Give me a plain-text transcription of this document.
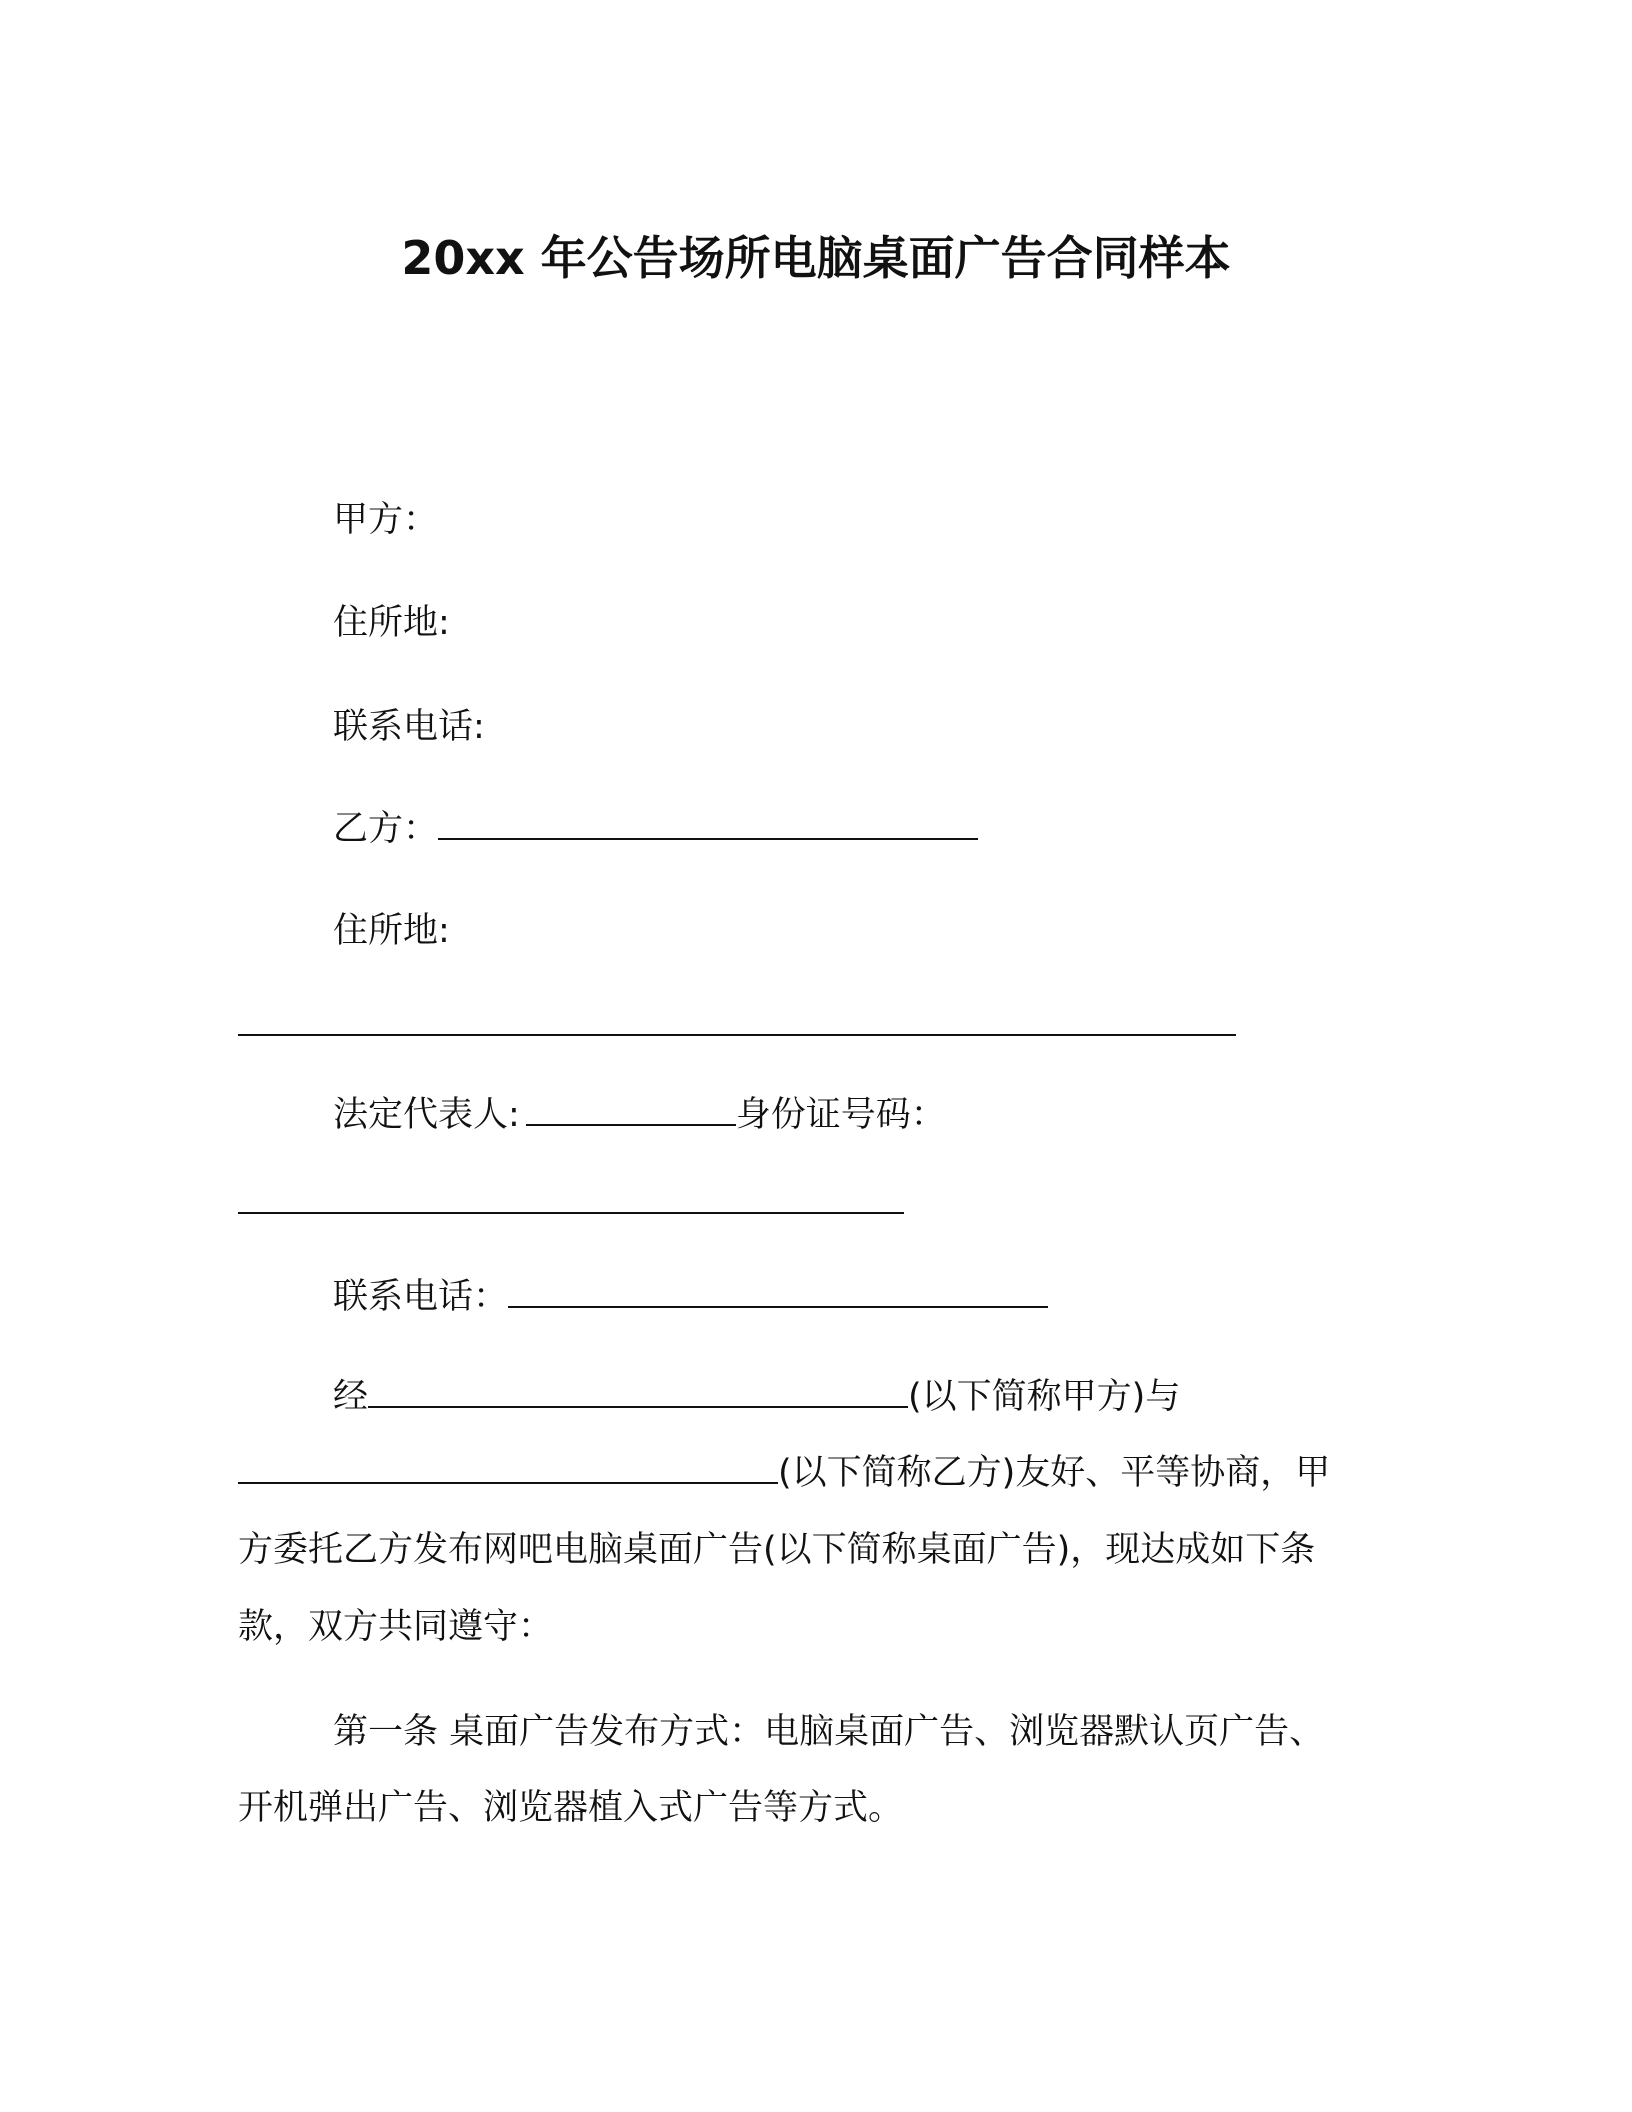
20xx 年公告场所电脑桌面广告合同样本
甲方：
住所地:
联系电话:
乙方：
住所地:
法定代表人:	身份证号码：
联系电话：
经	(以下简称甲方)与
(以下简称乙方)友好、平等协商，甲
方委托乙方发布网吧电脑桌面广告(以下简称桌面广告)，现达成如下条
款，双方共同遵守：
第一条 桌面广告发布方式：电脑桌面广告、浏览器默认页广告、
开机弹出广告、浏览器植入式广告等方式。
